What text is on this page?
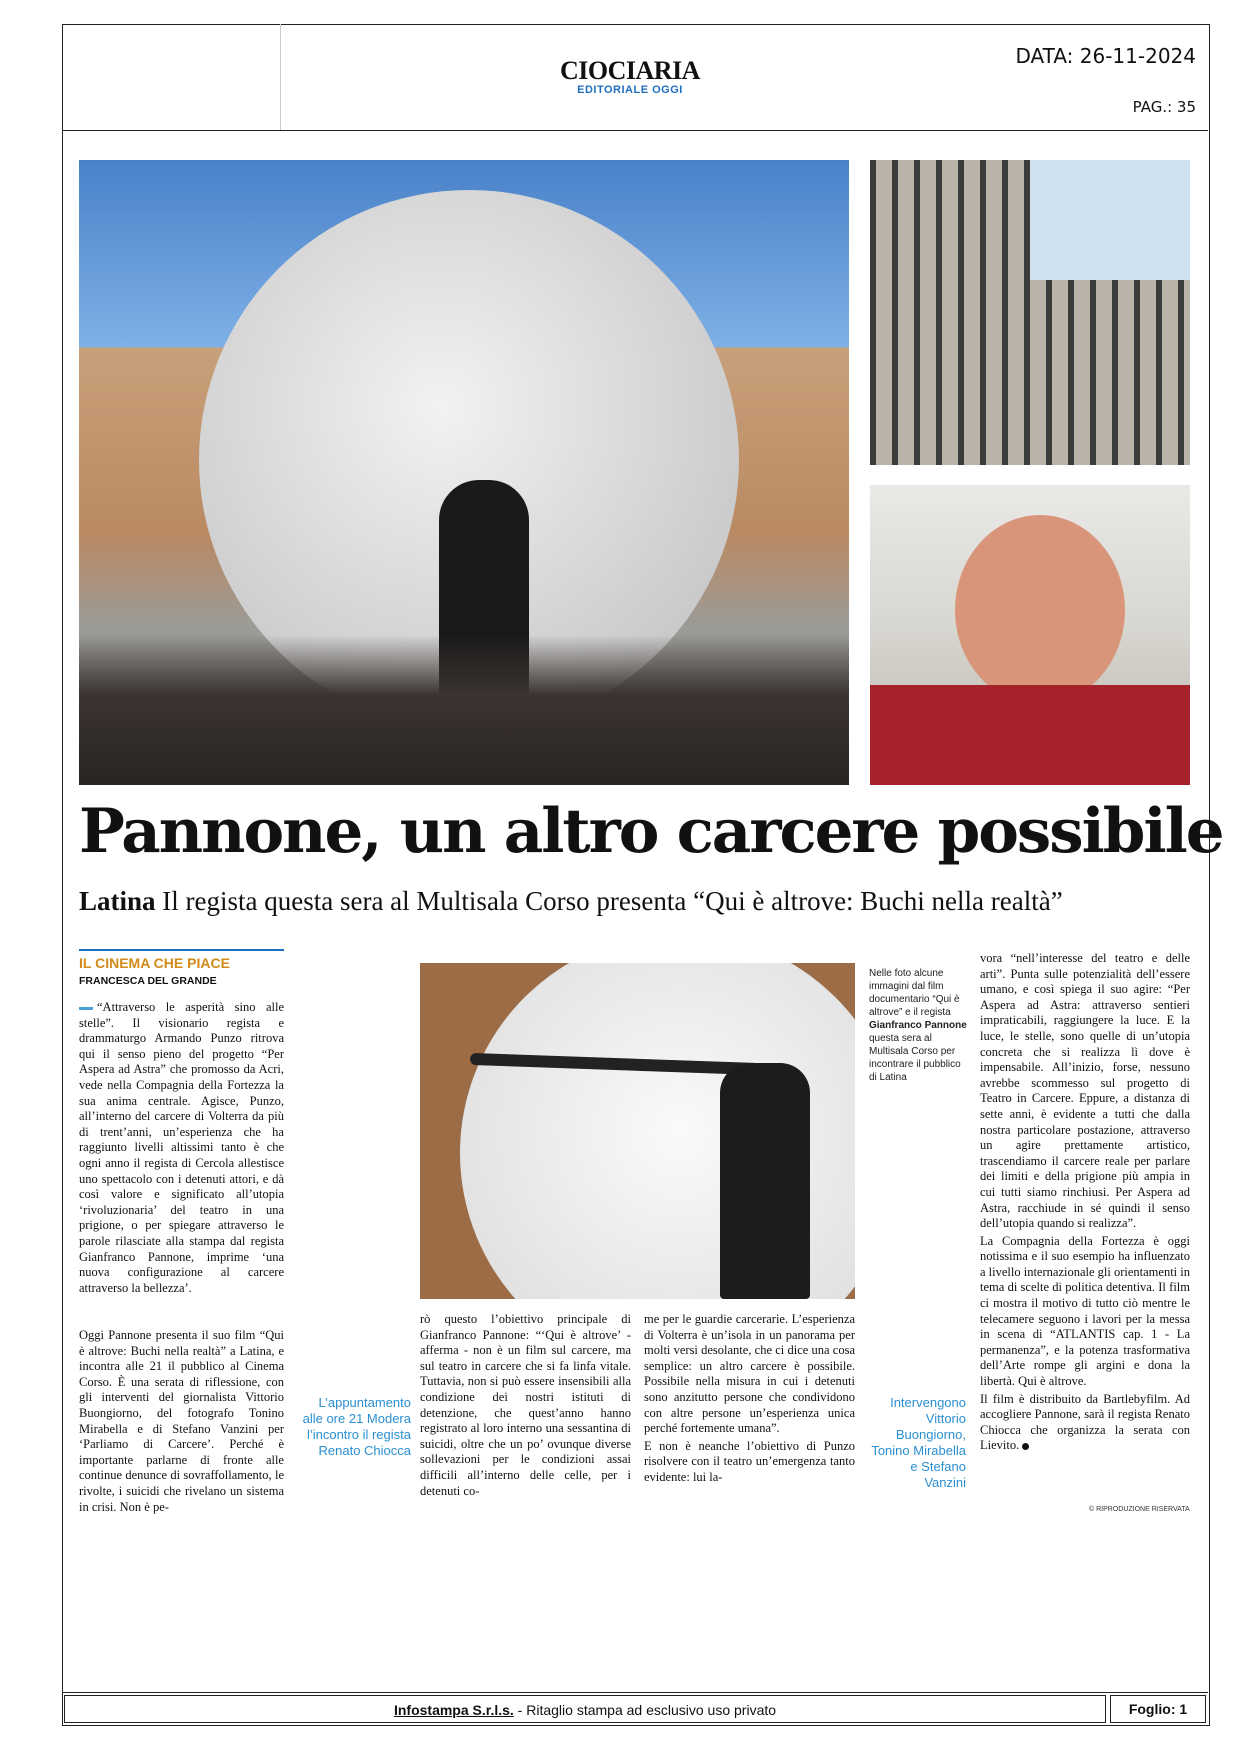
CIOCIARIA
EDITORIALE OGGI
DATA: 26-11-2024
PAG.: 35
Pannone, un altro carcere possibile
Latina Il regista questa sera al Multisala Corso presenta “Qui è altrove: Buchi nella realtà”
IL CINEMA CHE PIACE
FRANCESCA DEL GRANDE

“Attraverso le asperità sino alle stelle”. Il visionario regista e drammaturgo Armando Punzo ritrova qui il senso pieno del progetto “Per Aspera ad Astra” che promosso da Acri, vede nella Compagnia della Fortezza la sua anima centrale. Agisce, Punzo, all’interno del carcere di Volterra da più di trent’anni, un’esperienza che ha raggiunto livelli altissimi tanto è che ogni anno il regista di Cercola allestisce uno spettacolo con i detenuti attori, e dà così valore e significato all’utopia ‘rivoluzionaria’ del teatro in una prigione, o per spiegare attraverso le parole rilasciate alla stampa dal regista Gianfranco Pannone, imprime ‘una nuova configurazione al carcere attraverso la bellezza’.

Oggi Pannone presenta il suo film “Qui è altrove: Buchi nella realtà” a Latina, e incontra alle 21 il pubblico al Cinema Corso. È una serata di riflessione, con gli interventi del giornalista Vittorio Buongiorno, del fotografo Tonino Mirabella e di Stefano Vanzini per ‘Parliamo di Carcere’. Perché è importante parlarne di fronte alle continue denunce di sovraffollamento, le rivolte, i suicidi che rivelano un sistema in crisi. Non è pe-

L’appuntamento alle ore 21 Modera l’incontro il regista Renato Chiocca
Nelle foto alcune immagini dal film documentario “Qui è altrove” e il regista Gianfranco Pannone questa sera al Multisala Corso per incontrare il pubblico di Latina

rò questo l’obiettivo principale di Gianfranco Pannone: “‘Qui è altrove’ - afferma - non è un film sul carcere, ma sul teatro in carcere che si fa linfa vitale. Tuttavia, non si può essere insensibili alla condizione dei nostri istituti di detenzione, che quest’anno hanno registrato al loro interno una sessantina di suicidi, oltre che un po’ ovunque diverse sollevazioni per le condizioni assai difficili all’interno delle celle, per i detenuti co-

me per le guardie carcerarie. L’esperienza di Volterra è un’isola in un panorama per molti versi desolante, che ci dice una cosa semplice: un altro carcere è possibile. Possibile nella misura in cui i detenuti sono anzitutto persone che condividono con altre persone un’esperienza unica perché fortemente umana”.

E non è neanche l’obiettivo di Punzo risolvere con il teatro un’emergenza tanto evidente: lui la-

Intervengono Vittorio Buongiorno, Tonino Mirabella e Stefano Vanzini

vora “nell’interesse del teatro e delle arti”. Punta sulle potenzialità dell’essere umano, e così spiega il suo agire: “Per Aspera ad Astra: attraverso sentieri impraticabili, raggiungere la luce. E la luce, le stelle, sono quelle di un’utopia concreta che si realizza lì dove è impensabile. All’inizio, forse, nessuno avrebbe scommesso sul progetto di Teatro in Carcere. Eppure, a distanza di sette anni, è evidente a tutti che dalla nostra particolare postazione, attraverso un agire prettamente artistico, trascendiamo il carcere reale per parlare dei limiti e della prigione più ampia in cui tutti siamo rinchiusi. Per Aspera ad Astra, racchiude in sé quindi il senso dell’utopia quando si realizza”.

La Compagnia della Fortezza è oggi notissima e il suo esempio ha influenzato a livello internazionale gli orientamenti in tema di scelte di politica detentiva. Il film ci mostra il motivo di tutto ciò mentre le telecamere seguono i lavori per la messa in scena di “ATLANTIS cap. 1 - La permanenza”, e la potenza trasformativa dell’Arte rompe gli argini e dona la libertà. Qui è altrove.

Il film è distribuito da Bartlebyfilm. Ad accogliere Pannone, sarà il regista Renato Chiocca che organizza la serata con Lievito.

© RIPRODUZIONE RISERVATA
Infostampa S.r.l.s. - Ritaglio stampa ad esclusivo uso privato	Foglio: 1
